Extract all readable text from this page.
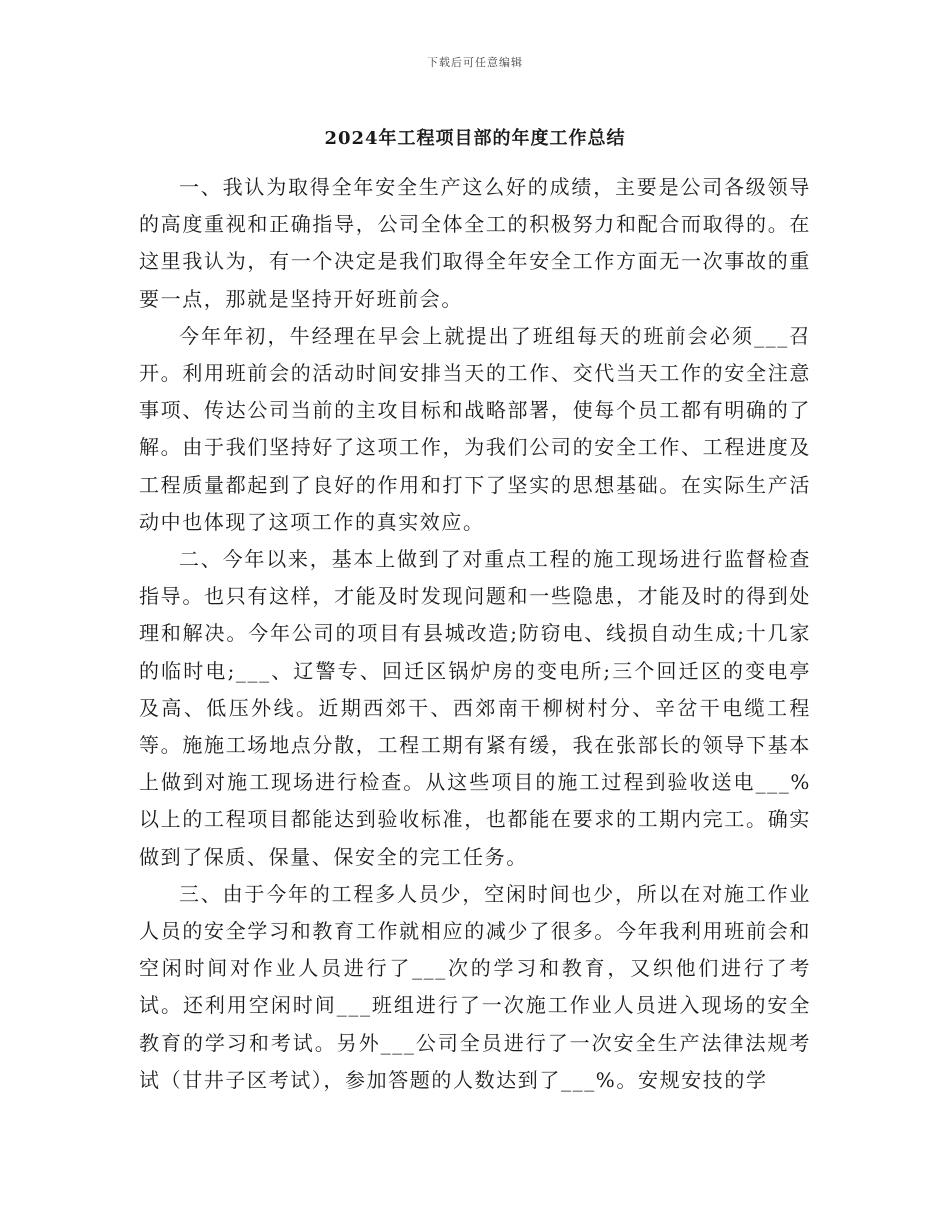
下载后可任意编辑
2024年工程项目部的年度工作总结

一、我认为取得全年安全生产这么好的成绩，主要是公司各级领导的高度重视和正确指导，公司全体全工的积极努力和配合而取得的。在这里我认为，有一个决定是我们取得全年安全工作方面无一次事故的重要一点，那就是坚持开好班前会。

今年年初，牛经理在早会上就提出了班组每天的班前会必须___召开。利用班前会的活动时间安排当天的工作、交代当天工作的安全注意事项、传达公司当前的主攻目标和战略部署，使每个员工都有明确的了解。由于我们坚持好了这项工作，为我们公司的安全工作、工程进度及工程质量都起到了良好的作用和打下了坚实的思想基础。在实际生产活动中也体现了这项工作的真实效应。

二、今年以来，基本上做到了对重点工程的施工现场进行监督检查指导。也只有这样，才能及时发现问题和一些隐患，才能及时的得到处理和解决。今年公司的项目有县城改造;防窃电、线损自动生成;十几家的临时电;___、辽警专、回迁区锅炉房的变电所;三个回迁区的变电亭及高、低压外线。近期西郊干、西郊南干柳树村分、辛岔干电缆工程等。施施工场地点分散，工程工期有紧有缓，我在张部长的领导下基本上做到对施工现场进行检查。从这些项目的施工过程到验收送电___%以上的工程项目都能达到验收标准，也都能在要求的工期内完工。确实做到了保质、保量、保安全的完工任务。

三、由于今年的工程多人员少，空闲时间也少，所以在对施工作业人员的安全学习和教育工作就相应的减少了很多。今年我利用班前会和空闲时间对作业人员进行了___次的学习和教育，又织他们进行了考试。还利用空闲时间___班组进行了一次施工作业人员进入现场的安全教育的学习和考试。另外___公司全员进行了一次安全生产法律法规考试（甘井子区考试），参加答题的人数达到了___%。安规安技的学
